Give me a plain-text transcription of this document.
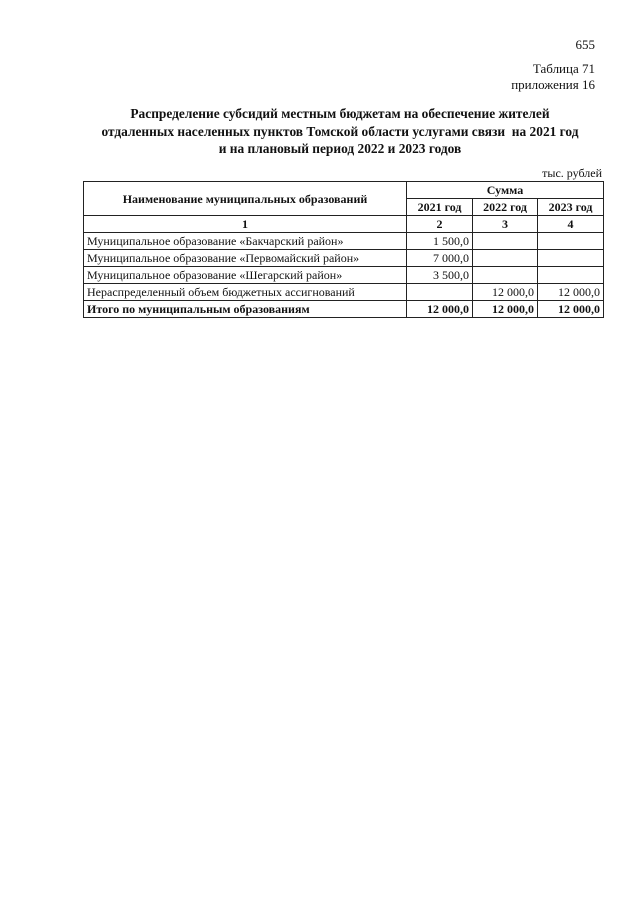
655
Таблица 71
приложения 16
Распределение субсидий местным бюджетам на обеспечение жителей
отдаленных населенных пунктов Томской области услугами связи  на 2021 год
и на плановый период 2022 и 2023 годов
тыс. рублей
Наименование муниципальных образований	Сумма		
	2021 год	2022 год	2023 год
1	2	3	4
Муниципальное образование «Бакчарский район»	1 500,0		
Муниципальное образование «Первомайский район»	7 000,0		
Муниципальное образование «Шегарский район»	3 500,0		
Нераспределенный объем бюджетных ассигнований		12 000,0	12 000,0
Итого по муниципальным образованиям	12 000,0	12 000,0	12 000,0
